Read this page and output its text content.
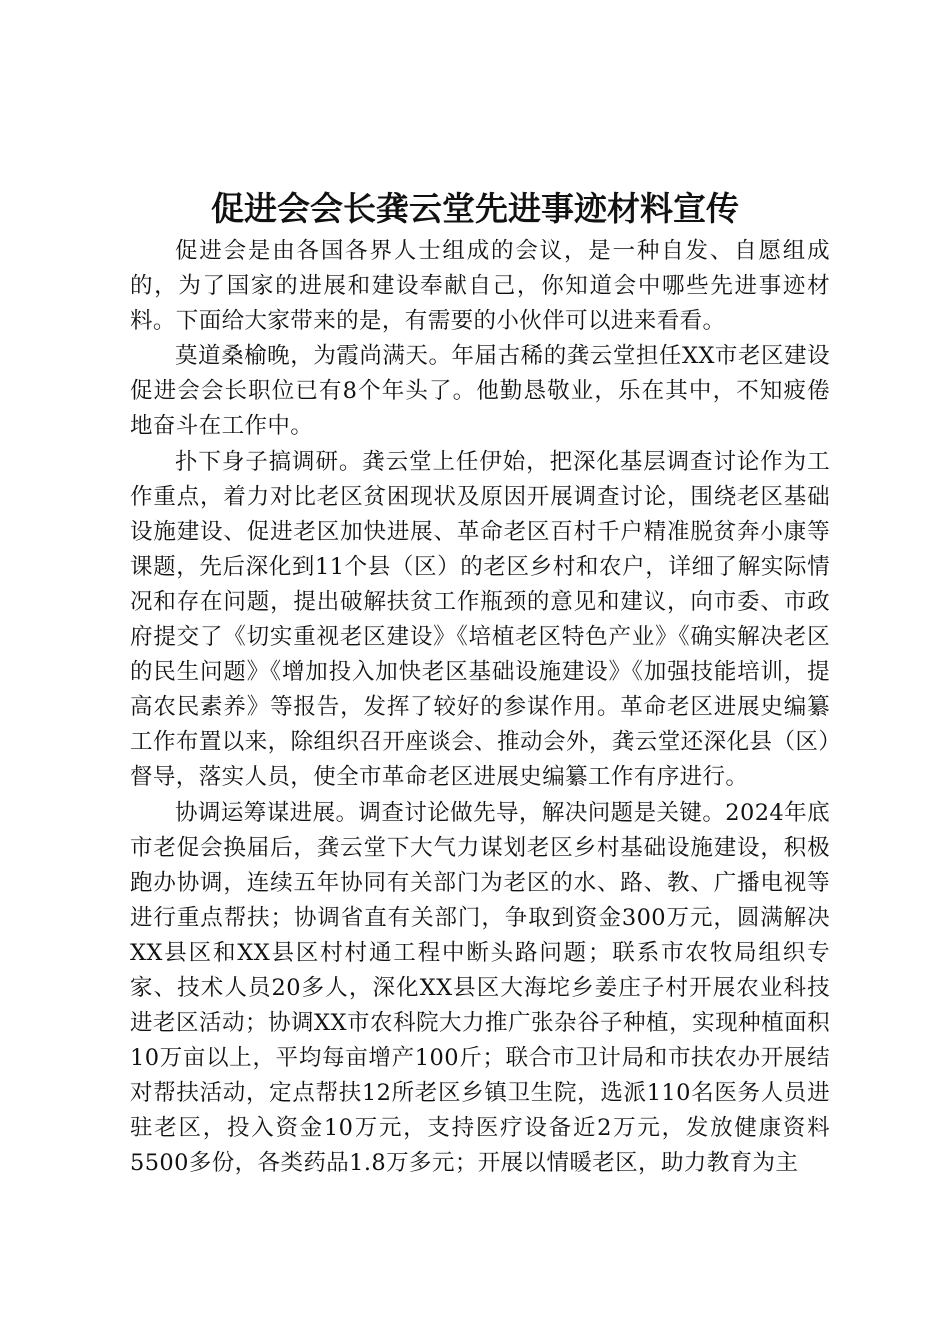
促进会会长龚云堂先进事迹材料宣传

促进会是由各国各界人士组成的会议，是一种自发、自愿组成的，为了国家的进展和建设奉献自己，你知道会中哪些先进事迹材料。下面给大家带来的是，有需要的小伙伴可以进来看看。

莫道桑榆晚，为霞尚满天。年届古稀的龚云堂担任XX市老区建设促进会会长职位已有8个年头了。他勤恳敬业，乐在其中，不知疲倦地奋斗在工作中。

扑下身子搞调研。龚云堂上任伊始，把深化基层调查讨论作为工作重点，着力对比老区贫困现状及原因开展调查讨论，围绕老区基础设施建设、促进老区加快进展、革命老区百村千户精准脱贫奔小康等课题，先后深化到11个县（区）的老区乡村和农户，详细了解实际情况和存在问题，提出破解扶贫工作瓶颈的意见和建议，向市委、市政府提交了《切实重视老区建设》《培植老区特色产业》《确实解决老区的民生问题》《增加投入加快老区基础设施建设》《加强技能培训，提高农民素养》等报告，发挥了较好的参谋作用。革命老区进展史编纂工作布置以来，除组织召开座谈会、推动会外，龚云堂还深化县（区）督导，落实人员，使全市革命老区进展史编纂工作有序进行。

协调运筹谋进展。调查讨论做先导，解决问题是关键。2024年底市老促会换届后，龚云堂下大气力谋划老区乡村基础设施建设，积极跑办协调，连续五年协同有关部门为老区的水、路、教、广播电视等进行重点帮扶；协调省直有关部门，争取到资金300万元，圆满解决XX县区和XX县区村村通工程中断头路问题；联系市农牧局组织专家、技术人员20多人，深化XX县区大海坨乡姜庄子村开展农业科技进老区活动；协调XX市农科院大力推广张杂谷子种植，实现种植面积10万亩以上，平均每亩增产100斤；联合市卫计局和市扶农办开展结对帮扶活动，定点帮扶12所老区乡镇卫生院，选派110名医务人员进驻老区，投入资金10万元，支持医疗设备近2万元，发放健康资料5500多份，各类药品1.8万多元；开展以情暖老区，助力教育为主
